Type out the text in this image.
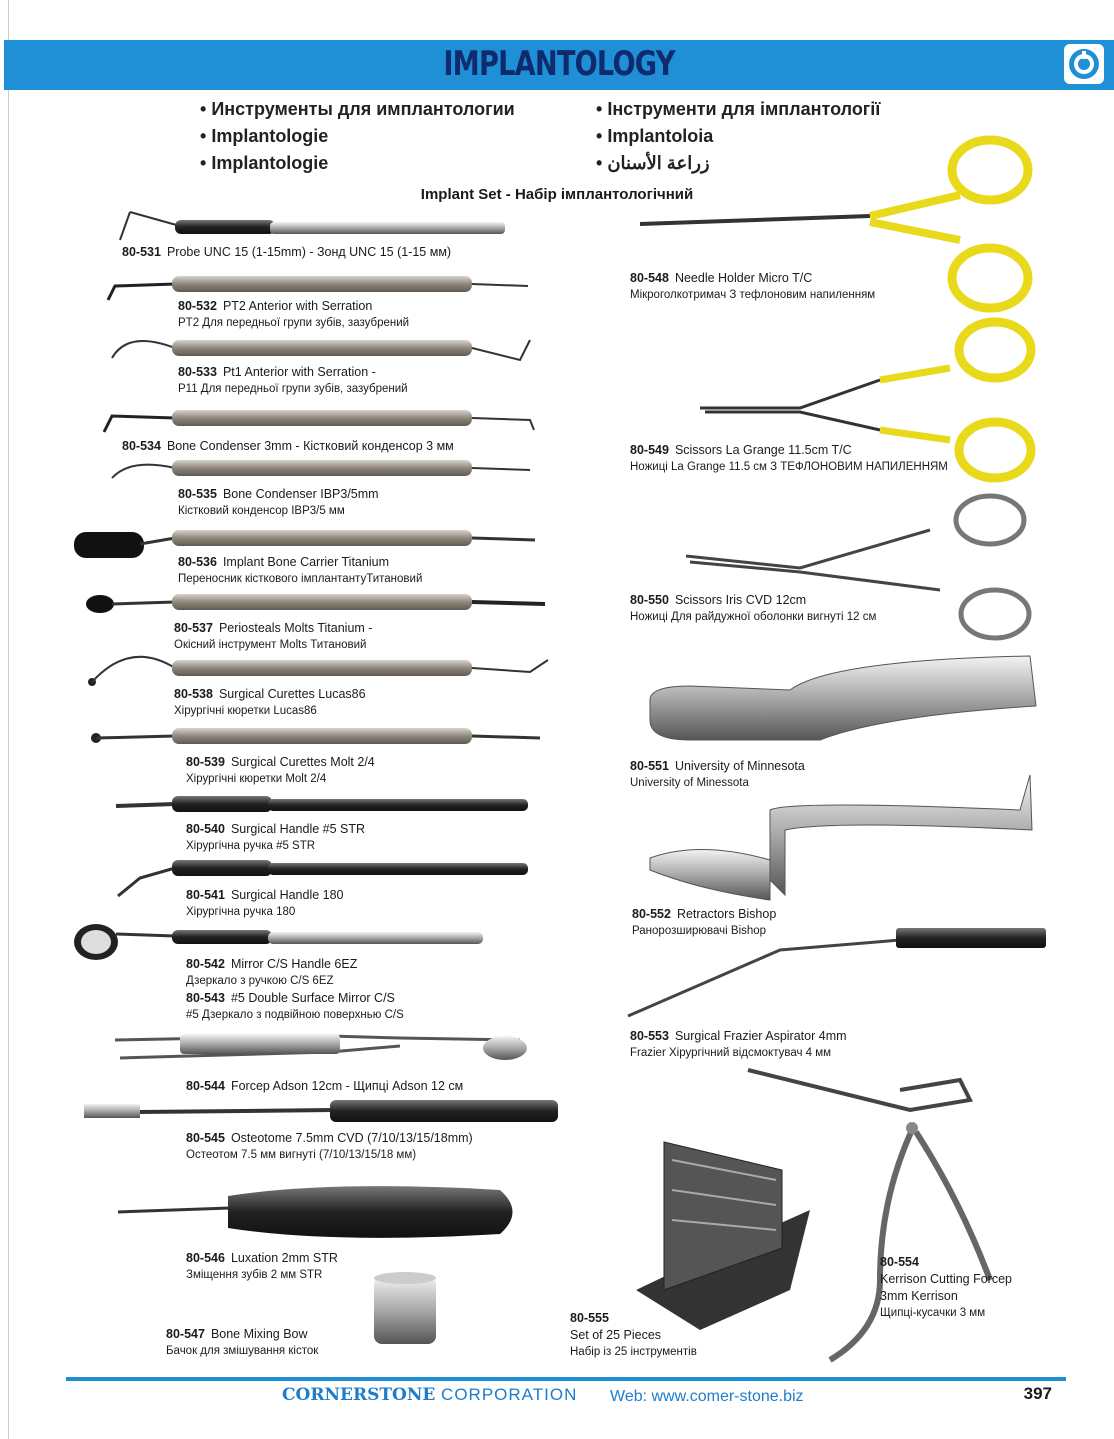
IMPLANTOLOGY
• Инструменты для имплантологии
• Implantologie
• Implantologie
• Інструменти для імплантології
• Implantoloia
• زراعة الأسنان
Implant Set - Набір імплантологічний
80-531 Probe UNC 15 (1-15mm) - Зонд UNC 15 (1-15 мм)
80-532 PT2 Anterior with Serration
PT2 Для передньої групи зубів, зазубрений
80-533 Pt1 Anterior with Serration -
P11 Для передньої групи зубів, зазубрений
80-534 Bone Condenser 3mm - Кістковий конденсор 3 мм
80-535 Bone Condenser IBP3/5mm
Кістковий конденсор IBP3/5 мм
80-536 Implant Bone Carrier Titanium
Переносник кісткового імплантантуТитановий
80-537 Periosteals Molts Titanium -
Окісний інструмент Molts Титановий
80-538 Surgical Curettes Lucas86
Хірургічні кюретки Lucas86
80-539 Surgical Curettes Molt 2/4
Хірургічні кюретки Molt 2/4
80-540 Surgical Handle #5 STR
Хірургічна ручка #5 STR
80-541 Surgical Handle 180
Хірургічна ручка 180
80-542 Mirror C/S Handle 6EZ
Дзеркало з ручкою C/S 6EZ
80-543 #5 Double Surface Mirror C/S
#5 Дзеркало з подвійною поверхнью C/S
80-544 Forcep Adson 12cm - Щипці Adson 12 см
80-545 Osteotome 7.5mm CVD (7/10/13/15/18mm)
Остеотом 7.5 мм вигнуті (7/10/13/15/18 мм)
80-546 Luxation 2mm STR
Зміщення зубів 2 мм STR
80-547 Bone Mixing Bow
Бачок для змішування кісток
80-548 Needle Holder Micro T/C
Мікроголкотримач З тефлоновим напиленням
80-549 Scissors La Grange 11.5cm T/C
Ножиці La Grange 11.5 см З ТЕФЛОНОВИМ НАПИЛЕННЯМ
80-550 Scissors Iris CVD 12cm
Ножиці Для райдужної оболонки вигнуті 12 см
80-551 University of Minnesota
University of Minessota
80-552 Retractors Bishop
Ранорозширювачі Bishop
80-553 Surgical Frazier Aspirator 4mm
Frazier Хірургічний відсмоктувач 4 мм
80-554
Kerrison Cutting Forcep 3mm Kerrison
Щипці-кусачки 3 мм
80-555
Set of 25 Pieces
Набір із 25 інструментів
CORNERSTONE CORPORATION Web: www.comer-stone.biz	397
